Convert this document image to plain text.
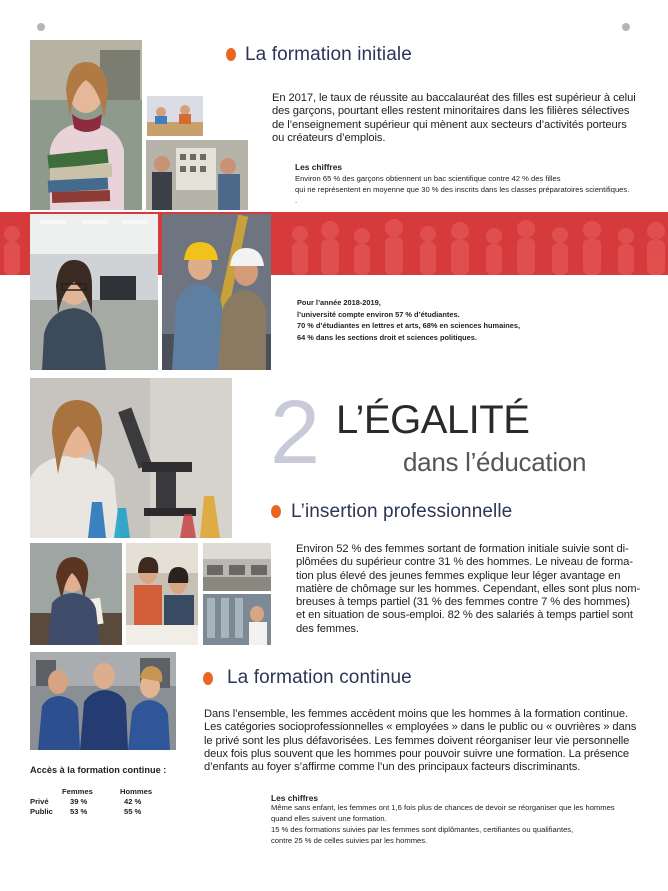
La formation initiale
En 2017, le taux de réussite au baccalauréat des filles est supérieur à celui
des garçons, pourtant elles restent minoritaires dans les filières sélectives
de l’enseignement supérieur qui mènent aux secteurs d’activités porteurs
ou créateurs d’emplois.
Les chiffres
Environ 65 % des garçons obtiennent un bac scientifique contre 42 % des filles
qui ne représentent en moyenne que 30 % des inscrits dans les classes préparatoires scientifiques.
.
Pour l’année 2018-2019,
l’université compte environ 57 % d’étudiantes.
70 % d’étudiantes en lettres et arts, 68% en sciences humaines,
64 % dans les sections droit et sciences politiques.
2 L’ÉGALITÉ
dans l’éducation
L’insertion professionnelle
Environ 52 % des femmes sortant de formation initiale suivie sont di-
plômées du supérieur contre 31 % des hommes. Le niveau de forma-
tion plus élevé des jeunes femmes explique leur léger avantage en
matière de chômage sur les hommes. Cependant, elles sont plus nom-
breuses à temps partiel (31 % des femmes contre 7 % des hommes)
et en situation de sous-emploi. 82 % des salariés à temps partiel sont
des femmes.
La formation continue
Dans l’ensemble, les femmes accèdent moins que les hommes à la formation continue.
Les catégories socioprofessionnelles « employées » dans le public ou « ouvrières » dans
le privé sont les plus défavorisées. Les femmes doivent réorganiser leur vie personnelle
deux fois plus souvent que les hommes pour pouvoir suivre une formation. La présence
d’enfants au foyer s’affirme comme l’un des principaux facteurs discriminants.
Accès à la formation continue :
	Femmes	Hommes
Privé	39 %	42 %
Public	53 %	55 %
Les chiffres
Même sans enfant, les femmes ont 1,6 fois plus de chances de devoir se réorganiser que les hommes
quand elles suivent une formation.
15 % des formations suivies par les femmes sont diplômantes, certifiantes ou qualifiantes,
contre 25 % de celles suivies par les hommes.
